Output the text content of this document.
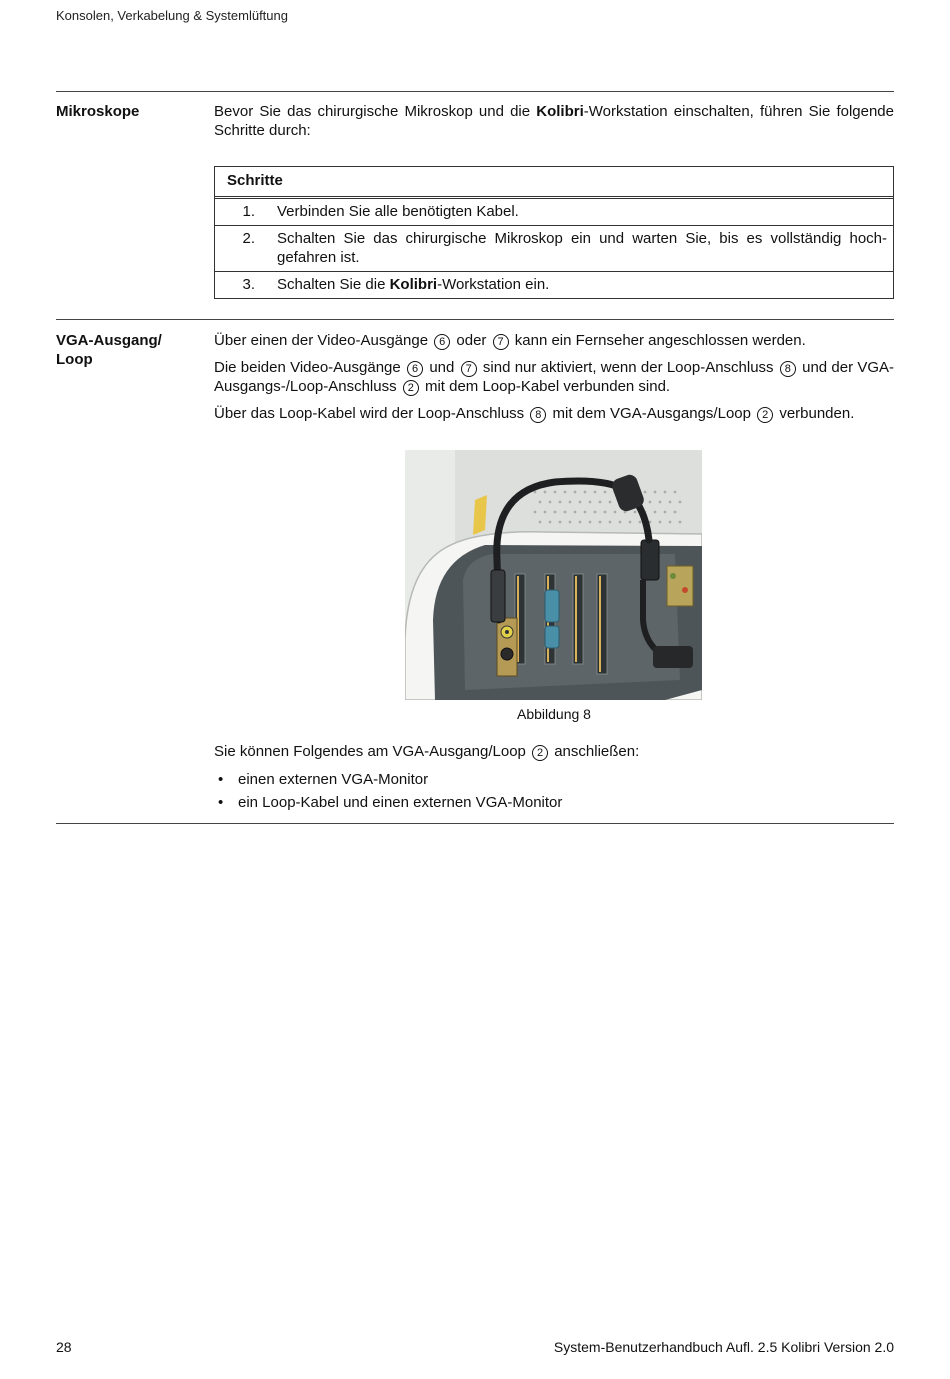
Konsolen, Verkabelung & Systemlüftung
Mikroskope	Bevor Sie das chirurgische Mikroskop und die Kolibri-Workstation einschalten, führen Sie folgende Schritte durch:

Schritte
1.	Verbinden Sie alle benötigten Kabel.
2.	Schalten Sie das chirurgische Mikroskop ein und warten Sie, bis es vollständig hoch-gefahren ist.
3.	Schalten Sie die Kolibri-Workstation ein.
VGA-Ausgang/ Loop

Über einen der Video-Ausgänge 6 oder 7 kann ein Fernseher angeschlossen werden.

Die beiden Video-Ausgänge 6 und 7 sind nur aktiviert, wenn der Loop-Anschluss 8 und der VGA-Ausgangs-/Loop-Anschluss 2 mit dem Loop-Kabel verbunden sind.

Über das Loop-Kabel wird der Loop-Anschluss 8 mit dem VGA-Ausgangs/Loop 2 verbunden.

Abbildung 8

Sie können Folgendes am VGA-Ausgang/Loop 2 anschließen:

• einen externen VGA-Monitor
• ein Loop-Kabel und einen externen VGA-Monitor
28	System-Benutzerhandbuch Aufl. 2.5 Kolibri Version 2.0
